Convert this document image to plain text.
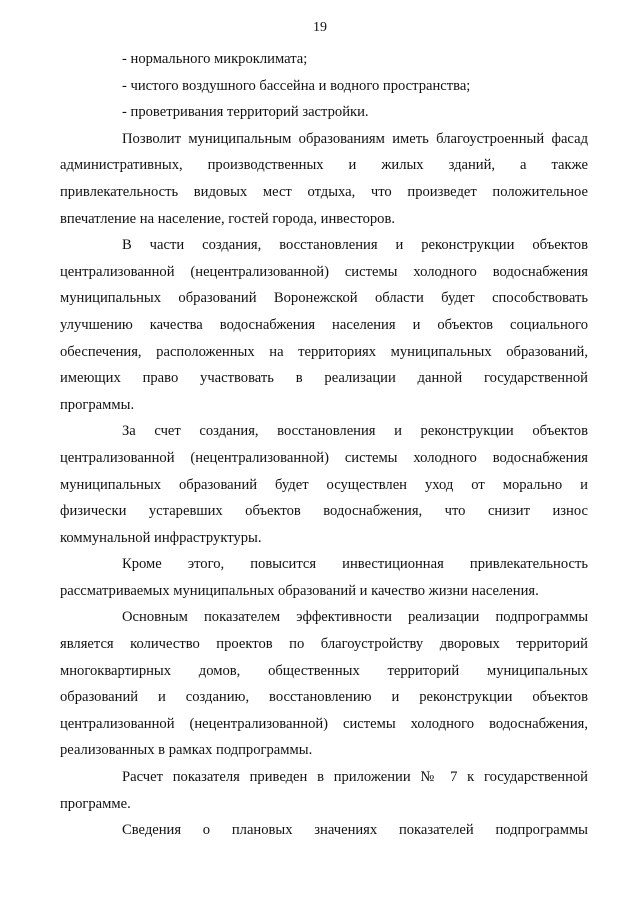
19
- нормального микроклимата;
- чистого воздушного бассейна и водного пространства;
- проветривания территорий застройки.
Позволит муниципальным образованиям иметь благоустроенный фасад
административных, производственных и жилых зданий, а также
привлекательность видовых мест отдыха, что произведет положительное
впечатление на население, гостей города, инвесторов.
В части создания, восстановления и реконструкции объектов
централизованной (нецентрализованной) системы холодного водоснабжения
муниципальных образований Воронежской области будет способствовать
улучшению качества водоснабжения населения и объектов социального
обеспечения, расположенных на территориях муниципальных образований,
имеющих право участвовать в реализации данной государственной
программы.
За счет создания, восстановления и реконструкции объектов
централизованной (нецентрализованной) системы холодного водоснабжения
муниципальных образований будет осуществлен уход от морально и
физически устаревших объектов водоснабжения, что снизит износ
коммунальной инфраструктуры.
Кроме этого, повысится инвестиционная привлекательность
рассматриваемых муниципальных образований и качество жизни населения.
Основным показателем эффективности реализации подпрограммы
является количество проектов по благоустройству дворовых территорий
многоквартирных домов, общественных территорий муниципальных
образований и созданию, восстановлению и реконструкции объектов
централизованной (нецентрализованной) системы холодного водоснабжения,
реализованных в рамках подпрограммы.
Расчет показателя приведен в приложении № 7 к государственной
программе.
Сведения о плановых значениях показателей подпрограммы
